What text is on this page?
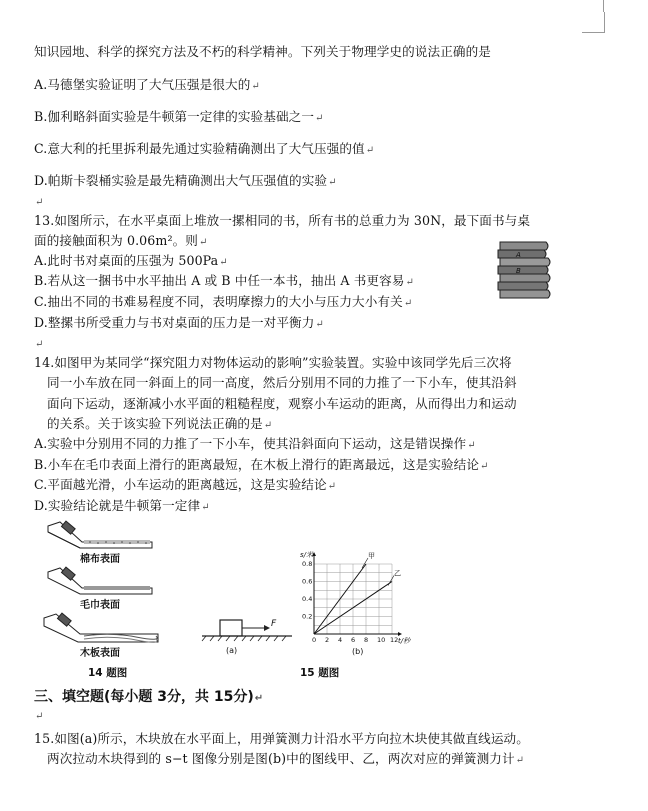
知识园地、科学的探究方法及不朽的科学精神。下列关于物理学史的说法正确的是
A.马德堡实验证明了大气压强是很大的↵
B.伽利略斜面实验是牛顿第一定律的实验基础之一↵
C.意大利的托里拆利最先通过实验精确测出了大气压强的值↵
D.帕斯卡裂桶实验是最先精确测出大气压强值的实验↵
↵
13.如图所示，在水平桌面上堆放一摞相同的书，所有书的总重力为 30N，最下面书与桌
面的接触面积为 0.06m²。则↵
A.此时书对桌面的压强为 500Pa↵
B.若从这一捆书中水平抽出 A 或 B 中任一本书，抽出 A 书更容易↵
C.抽出不同的书难易程度不同，表明摩擦力的大小与压力大小有关↵
D.整摞书所受重力与书对桌面的压力是一对平衡力↵
↵
A
B
14.如图甲为某同学“探究阻力对物体运动的影响”实验装置。实验中该同学先后三次将
同一小车放在同一斜面上的同一高度，然后分别用不同的力推了一下小车，使其沿斜
面向下运动，逐渐减小水平面的粗糙程度，观察小车运动的距离，从而得出力和运动
的关系。关于该实验下列说法正确的是↵
A.实验中分别用不同的力推了一下小车，使其沿斜面向下运动，这是错误操作↵
B.小车在毛巾表面上滑行的距离最短，在木板上滑行的距离最远，这是实验结论↵
C.平面越光滑，小车运动的距离越远，这是实验结论↵
D.实验结论就是牛顿第一定律↵
棉布表面
毛巾表面
木板表面
14 题图
F
(a)
0 2 4 6 8 10 12
0.2
0.4
0.6
0.8
甲
乙
s/米
t/秒
(b)
15 题图
三、填空题(每小题 3分，共 15分)↵
↵
15.如图(a)所示，木块放在水平面上，用弹簧测力计沿水平方向拉木块使其做直线运动。
两次拉动木块得到的 s−t 图像分别是图(b)中的图线甲、乙，两次对应的弹簧测力计↵
